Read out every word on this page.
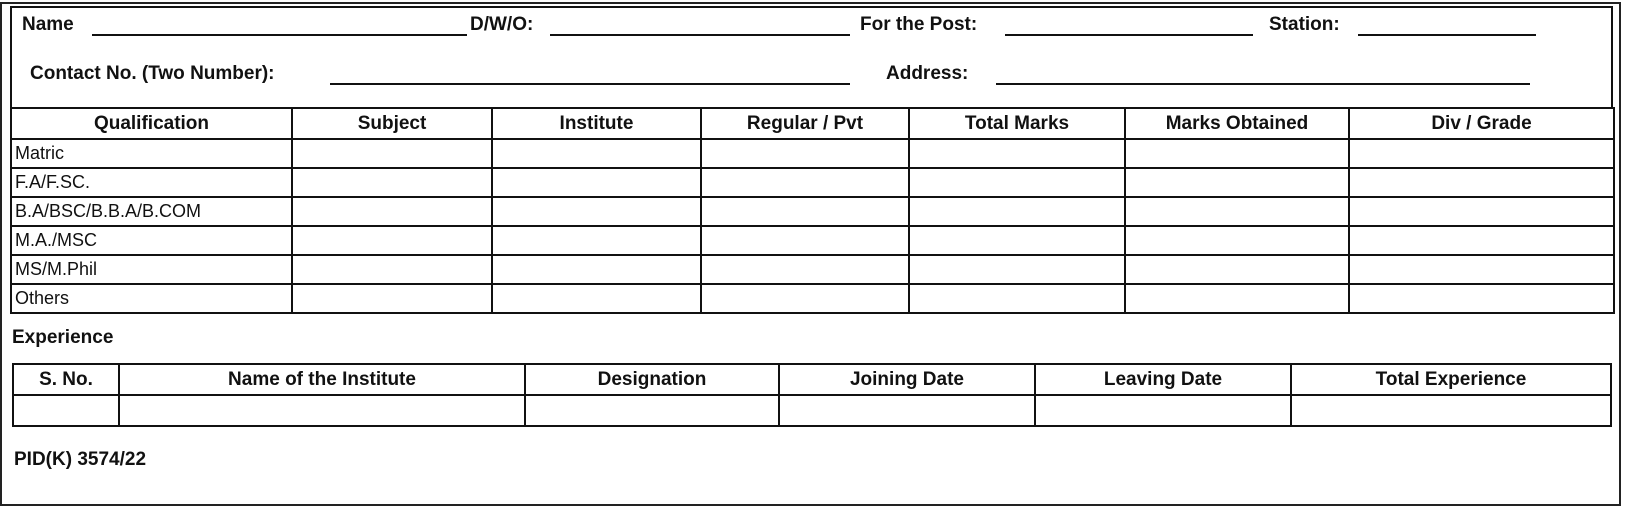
Name	D/W/O:	For the Post:	Station:
Contact No. (Two Number):	Address:
Qualification	Subject	Institute	Regular / Pvt	Total Marks	Marks Obtained	Div / Grade
Matric						
F.A/F.SC.						
B.A/BSC/B.B.A/B.COM						
M.A./MSC						
MS/M.Phil						
Others						
Experience
S. No.	Name of the Institute	Designation	Joining Date	Leaving Date	Total Experience

PID(K) 3574/22
